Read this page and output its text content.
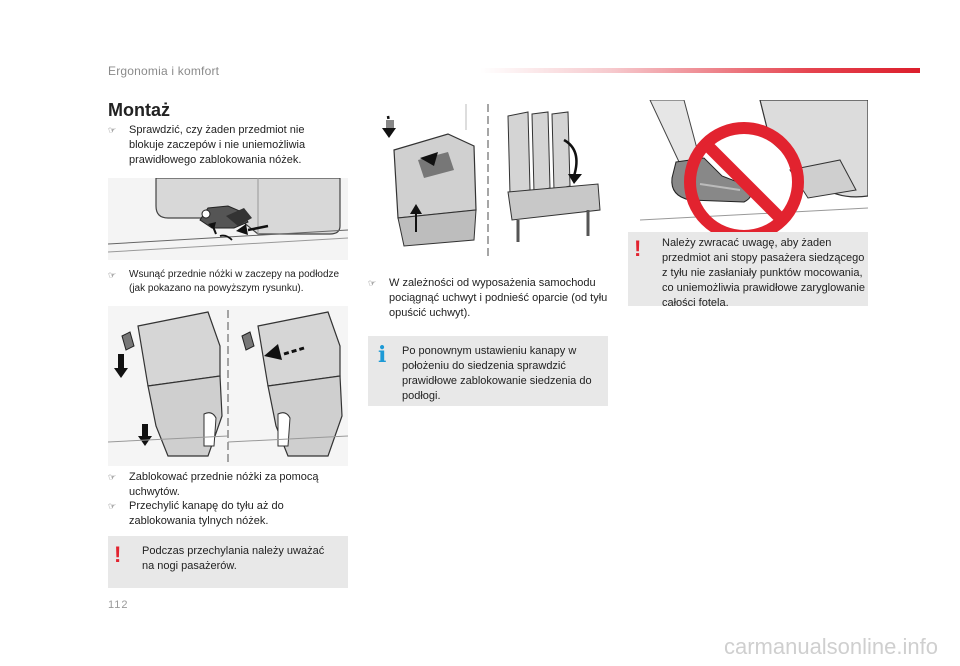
Ergonomia i komfort
Montaż
☞	Sprawdzić, czy żaden przedmiot nie blokuje zaczepów i nie uniemożliwia prawidłowego zablokowania nóżek.
☞	Wsunąć przednie nóżki w zaczepy na podłodze (jak pokazano na powyższym rysunku).
☞	Zablokować przednie nóżki za pomocą uchwytów.
☞	Przechylić kanapę do tyłu aż do zablokowania tylnych nóżek.
! Podczas przechylania należy uważać na nogi pasażerów.
☞	W zależności od wyposażenia samochodu pociągnąć uchwyt i podnieść oparcie (od tyłu opuścić uchwyt).
i Po ponownym ustawieniu kanapy w położeniu do siedzenia sprawdzić prawidłowe zablokowanie siedzenia do podłogi.
! Należy zwracać uwagę, aby żaden przedmiot ani stopy pasażera siedzącego z tyłu nie zasłaniały punktów mocowania, co uniemożliwia prawidłowe zaryglowanie całości fotela.
112
carmanualsonline.info
